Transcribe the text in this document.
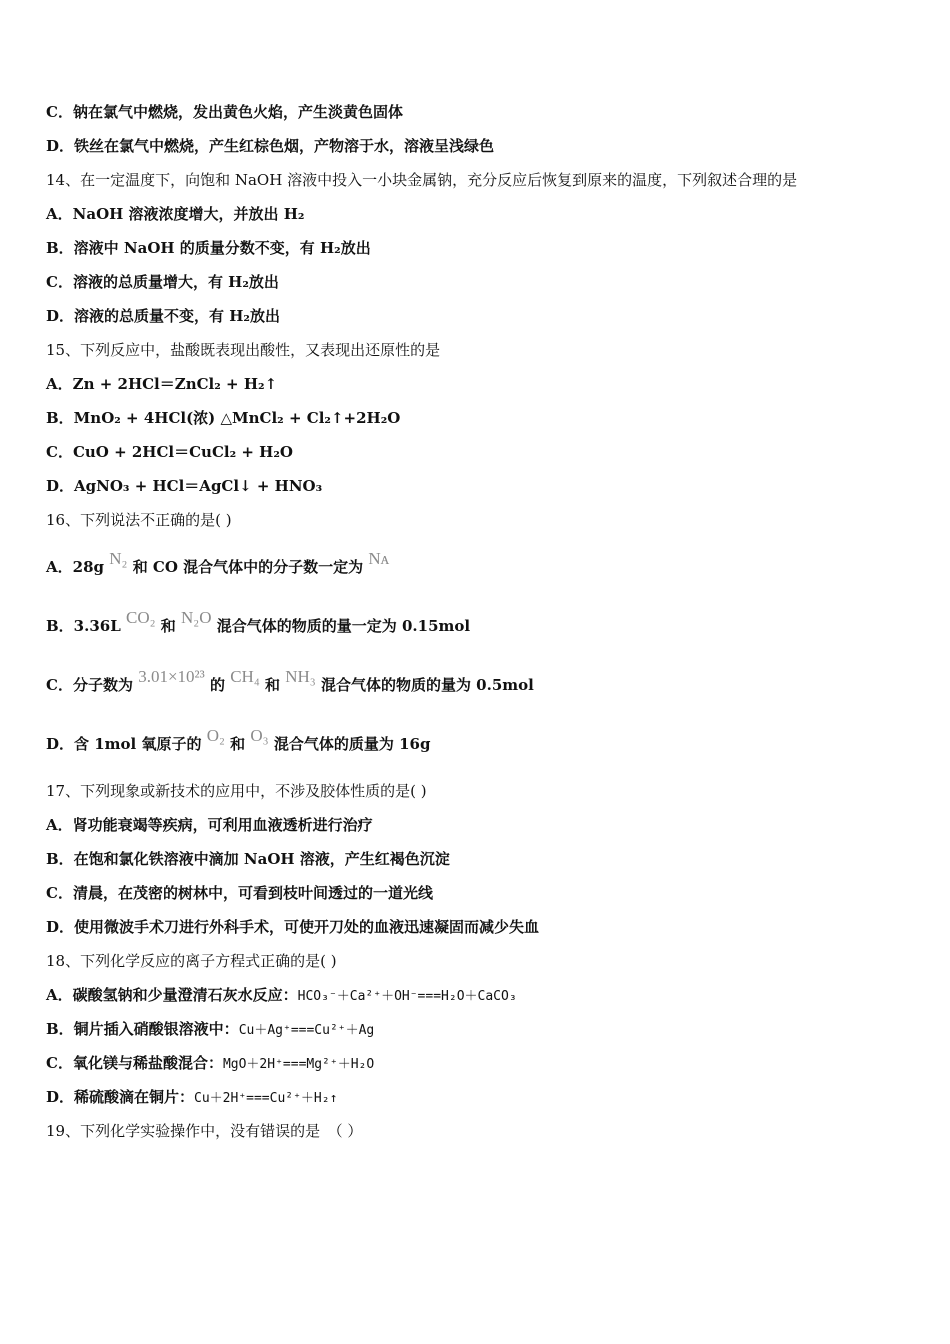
C．钠在氯气中燃烧，发出黄色火焰，产生淡黄色固体
D．铁丝在氯气中燃烧，产生红棕色烟，产物溶于水，溶液呈浅绿色
14、在一定温度下，向饱和 NaOH 溶液中投入一小块金属钠，充分反应后恢复到原来的温度，下列叙述合理的是
A．NaOH 溶液浓度增大，并放出 H₂
B．溶液中 NaOH 的质量分数不变，有 H₂放出
C．溶液的总质量增大，有 H₂放出
D．溶液的总质量不变，有 H₂放出
15、下列反应中，盐酸既表现出酸性，又表现出还原性的是
A．Zn + 2HCl＝ZnCl₂ + H₂↑
B．MnO₂ + 4HCl(浓) △MnCl₂ + Cl₂↑+2H₂O
C．CuO + 2HCl＝CuCl₂ + H₂O
D．AgNO₃ + HCl＝AgCl↓ + HNO₃
16、下列说法不正确的是( )
A．28g N₂ 和 CO 混合气体中的分子数一定为 Nᴀ
B．3.36L CO₂ 和 N₂O 混合气体的物质的量一定为 0.15mol
C．分子数为 3.01×10²³ 的 CH₄ 和 NH₃ 混合气体的物质的量为 0.5mol
D．含 1mol 氧原子的 O₂ 和 O₃ 混合气体的质量为 16g
17、下列现象或新技术的应用中，不涉及胶体性质的是( )
A．肾功能衰竭等疾病，可利用血液透析进行治疗
B．在饱和氯化铁溶液中滴加 NaOH 溶液，产生红褐色沉淀
C．清晨，在茂密的树林中，可看到枝叶间透过的一道光线
D．使用微波手术刀进行外科手术，可使开刀处的血液迅速凝固而减少失血
18、下列化学反应的离子方程式正确的是( )
A．碳酸氢钠和少量澄清石灰水反应：HCO₃⁻＋Ca²⁺＋OH⁻===H₂O＋CaCO₃
B．铜片插入硝酸银溶液中：Cu＋Ag⁺===Cu²⁺＋Ag
C．氧化镁与稀盐酸混合：MgO＋2H⁺===Mg²⁺＋H₂O
D．稀硫酸滴在铜片：Cu＋2H⁺===Cu²⁺＋H₂↑
19、下列化学实验操作中，没有错误的是　（ ）
